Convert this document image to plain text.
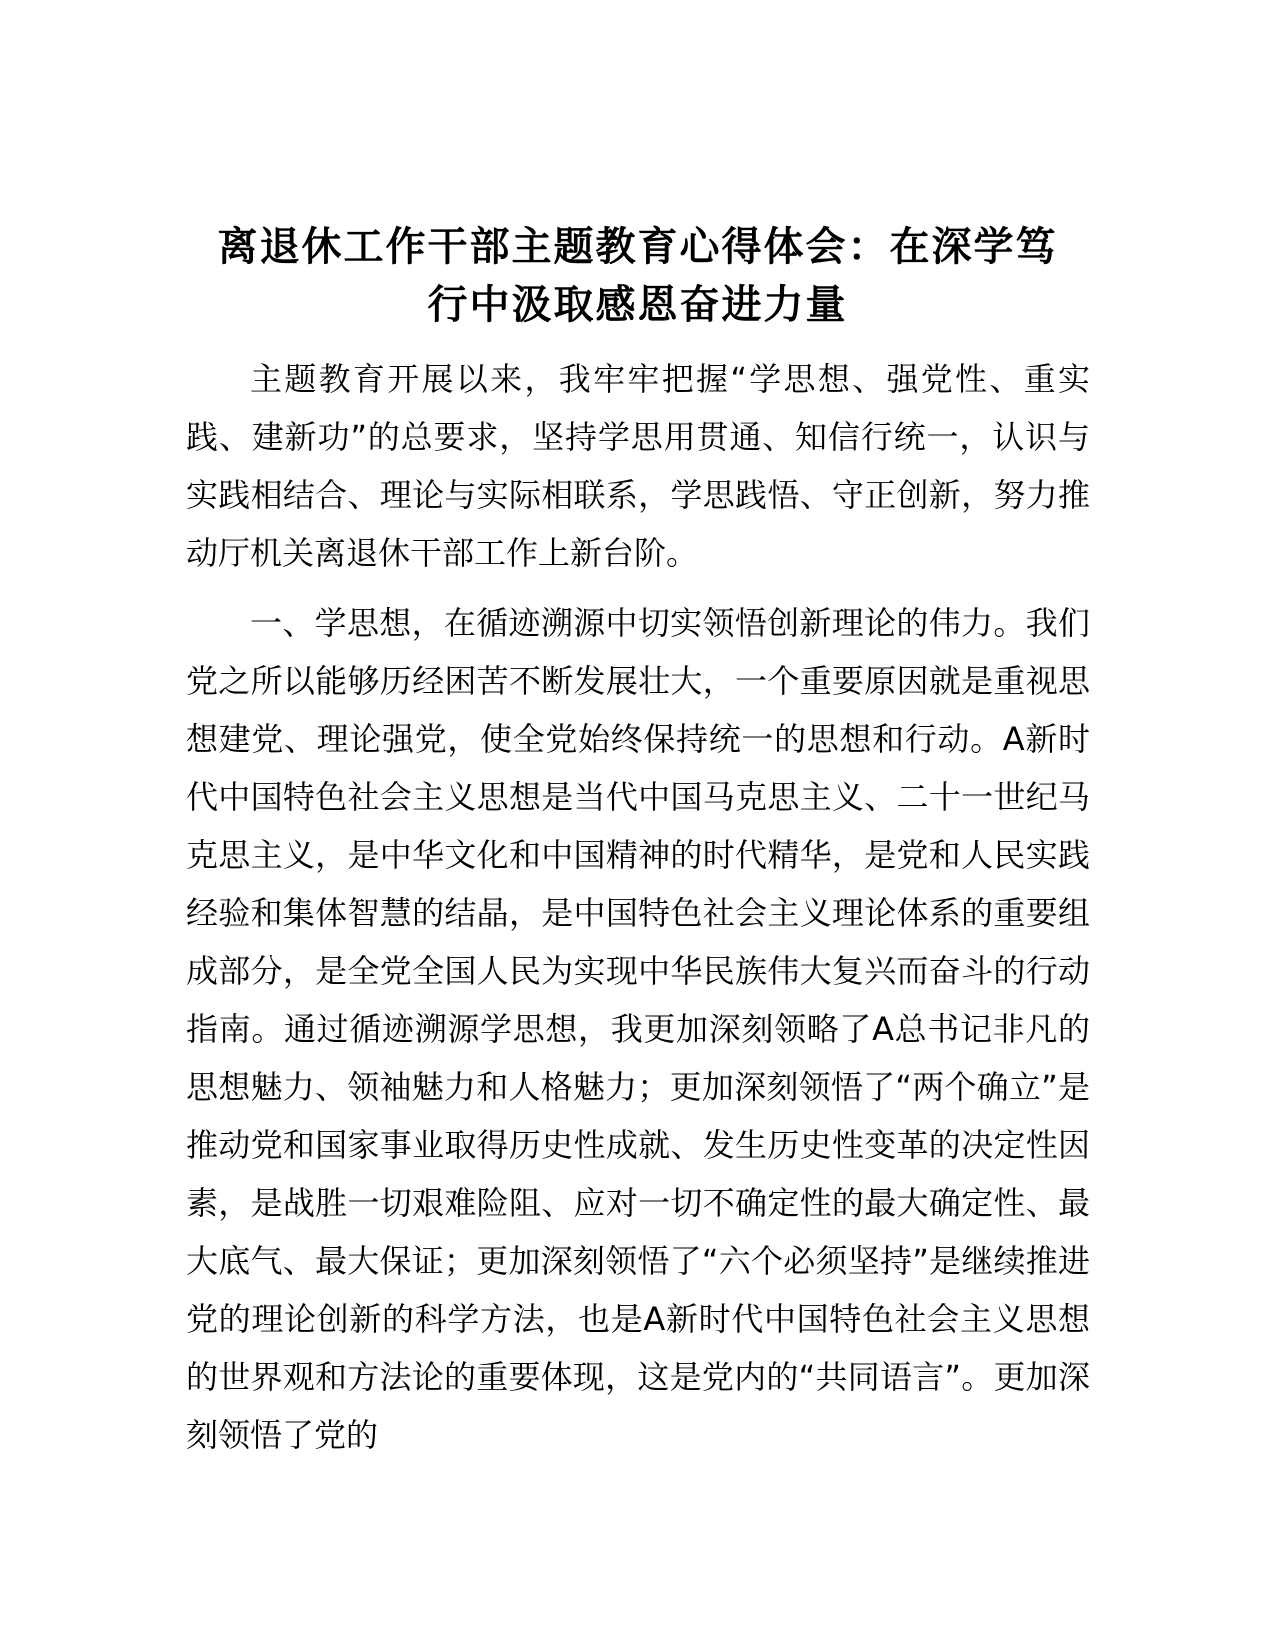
离退休工作干部主题教育心得体会：在深学笃
行中汲取感恩奋进力量

主题教育开展以来，我牢牢把握“学思想、强党性、重实践、建新功”的总要求，坚持学思用贯通、知信行统一，认识与实践相结合、理论与实际相联系，学思践悟、守正创新，努力推动厅机关离退休干部工作上新台阶。

一、学思想，在循迹溯源中切实领悟创新理论的伟力。我们党之所以能够历经困苦不断发展壮大，一个重要原因就是重视思想建党、理论强党，使全党始终保持统一的思想和行动。A新时代中国特色社会主义思想是当代中国马克思主义、二十一世纪马克思主义，是中华文化和中国精神的时代精华，是党和人民实践经验和集体智慧的结晶，是中国特色社会主义理论体系的重要组成部分，是全党全国人民为实现中华民族伟大复兴而奋斗的行动指南。通过循迹溯源学思想，我更加深刻领略了A总书记非凡的思想魅力、领袖魅力和人格魅力；更加深刻领悟了“两个确立”是推动党和国家事业取得历史性成就、发生历史性变革的决定性因素，是战胜一切艰难险阻、应对一切不确定性的最大确定性、最大底气、最大保证；更加深刻领悟了“六个必须坚持”是继续推进党的理论创新的科学方法，也是A新时代中国特色社会主义思想的世界观和方法论的重要体现，这是党内的“共同语言”。更加深刻领悟了党的
